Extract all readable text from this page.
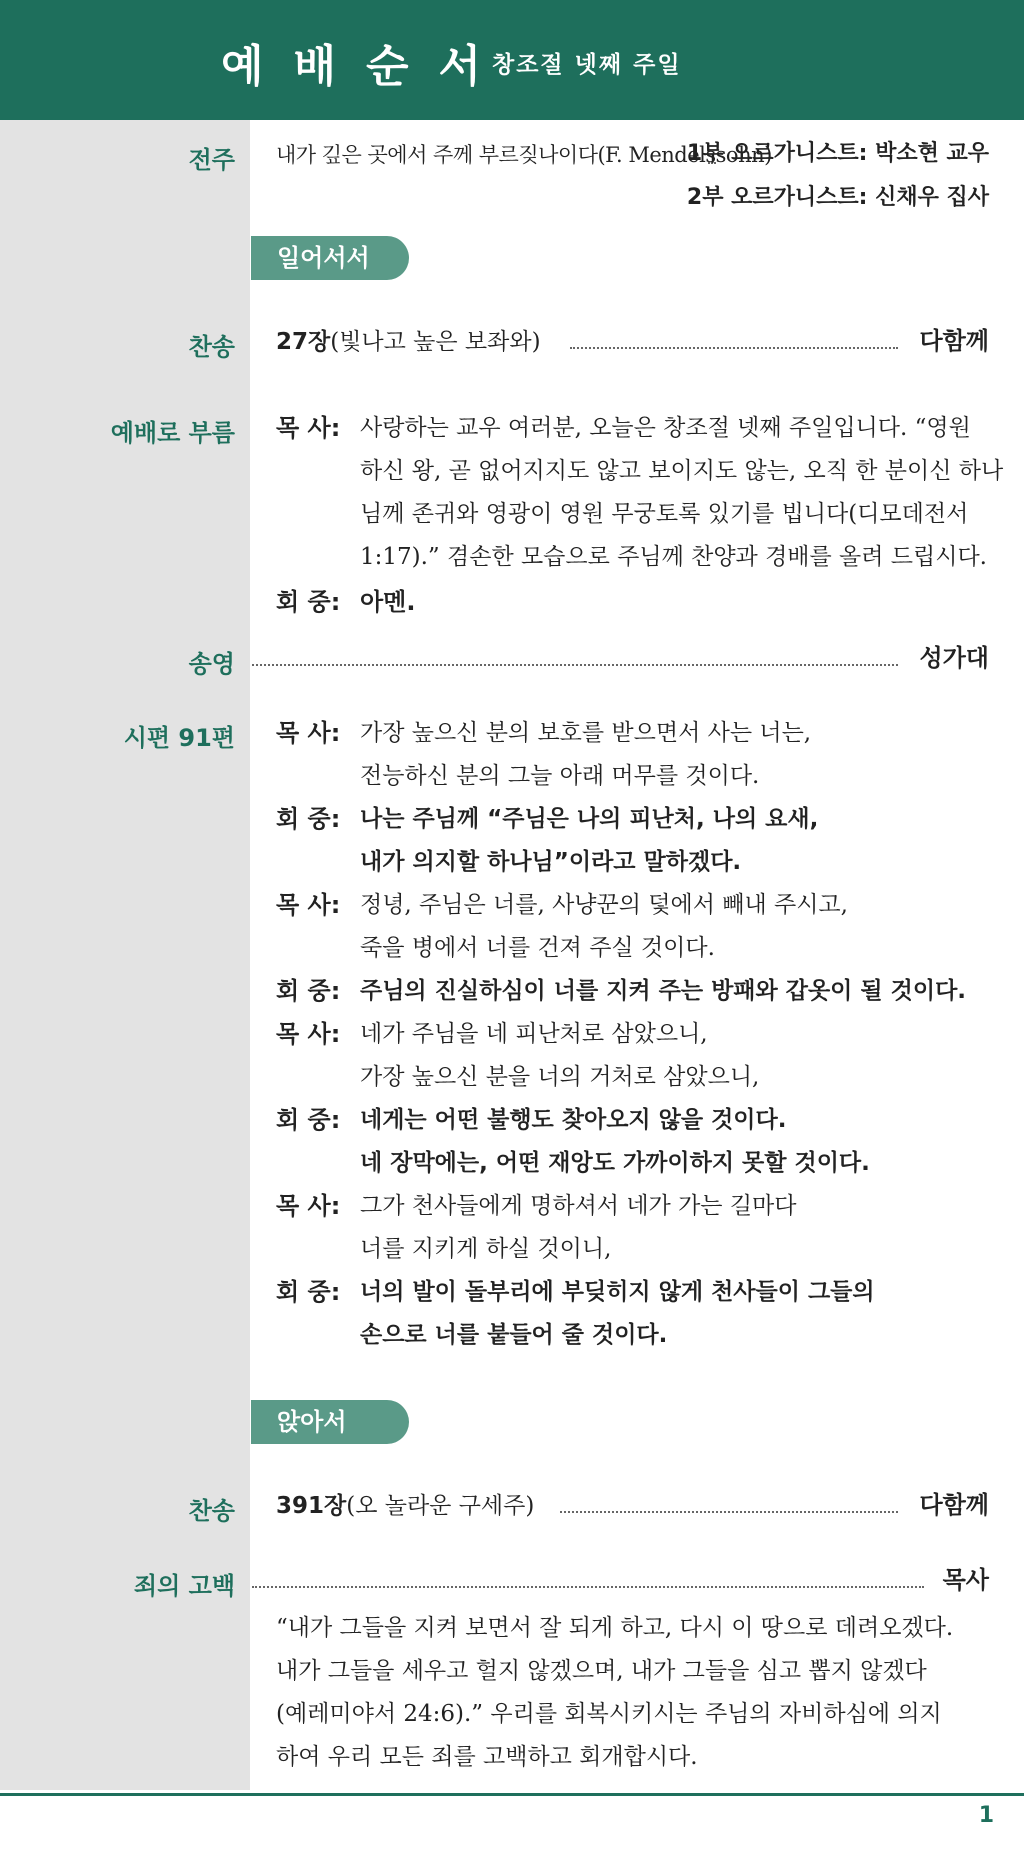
예배순서
창조절 넷째 주일
전주 내가 깊은 곳에서 주께 부르짖나이다(F. Mendelssohn)
1부 오르가니스트: 박소현 교우
2부 오르가니스트: 신채우 집사
일어서서
찬송 27장(빛나고 높은 보좌와)	다함께
예배로 부름 목 사: 사랑하는 교우 여러분, 오늘은 창조절 넷째 주일입니다. “영원
하신 왕, 곧 없어지지도 않고 보이지도 않는, 오직 한 분이신 하나
님께 존귀와 영광이 영원 무궁토록 있기를 빕니다(디모데전서
1:17).” 겸손한 모습으로 주님께 찬양과 경배를 올려 드립시다.
회 중: 아멘.
송영	성가대
시편 91편 목 사: 가장 높으신 분의 보호를 받으면서 사는 너는,
전능하신 분의 그늘 아래 머무를 것이다.
회 중: 나는 주님께 “주님은 나의 피난처, 나의 요새,
내가 의지할 하나님”이라고 말하겠다.
목 사: 정녕, 주님은 너를, 사냥꾼의 덫에서 빼내 주시고,
죽을 병에서 너를 건져 주실 것이다.
회 중: 주님의 진실하심이 너를 지켜 주는 방패와 갑옷이 될 것이다.
목 사: 네가 주님을 네 피난처로 삼았으니,
가장 높으신 분을 너의 거처로 삼았으니,
회 중: 네게는 어떤 불행도 찾아오지 않을 것이다.
네 장막에는, 어떤 재앙도 가까이하지 못할 것이다.
목 사: 그가 천사들에게 명하셔서 네가 가는 길마다
너를 지키게 하실 것이니,
회 중: 너의 발이 돌부리에 부딪히지 않게 천사들이 그들의
손으로 너를 붙들어 줄 것이다.
앉아서
찬송 391장(오 놀라운 구세주)	다함께
죄의 고백	목사
“내가 그들을 지켜 보면서 잘 되게 하고, 다시 이 땅으로 데려오겠다.
내가 그들을 세우고 헐지 않겠으며, 내가 그들을 심고 뽑지 않겠다
(예레미야서 24:6).” 우리를 회복시키시는 주님의 자비하심에 의지
하여 우리 모든 죄를 고백하고 회개합시다.
1
